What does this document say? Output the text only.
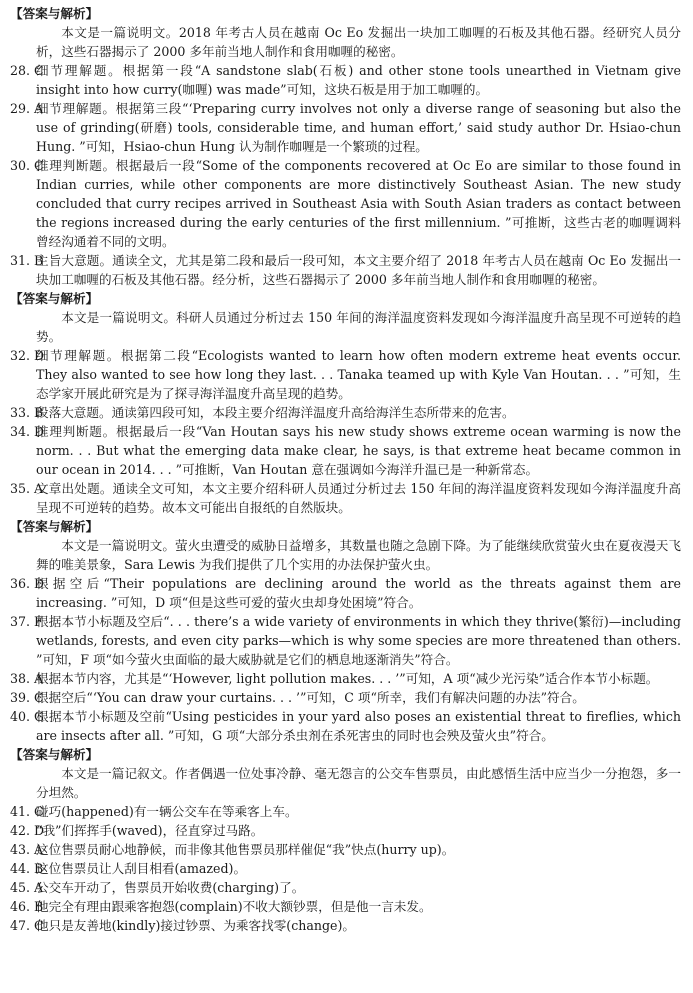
【答案与解析】

本文是一篇说明文。2018 年考古人员在越南 Oc Eo 发掘出一块加工咖喱的石板及其他石器。经研究人员分析，这些石器揭示了 2000 多年前当地人制作和食用咖喱的秘密。

28. C

细节理解题。根据第一段“A sandstone slab(石板) and other stone tools unearthed in Vietnam give insight into how curry(咖喱) was made”可知，这块石板是用于加工咖喱的。

29. A

细节理解题。根据第三段“‘Preparing curry involves not only a diverse range of seasoning but also the use of grinding(研磨) tools, considerable time, and human effort,’ said study author Dr. Hsiao-chun Hung. ”可知，Hsiao-chun Hung 认为制作咖喱是一个繁琐的过程。

30. C

推理判断题。根据最后一段“Some of the components recovered at Oc Eo are similar to those found in Indian curries, while other components are more distinctively Southeast Asian. The new study concluded that curry recipes arrived in Southeast Asia with South Asian traders as contact between the regions increased during the early centuries of the first millennium. ”可推断，这些古老的咖喱调料曾经沟通着不同的文明。

31. B

主旨大意题。通读全文，尤其是第二段和最后一段可知，本文主要介绍了 2018 年考古人员在越南 Oc Eo 发掘出一块加工咖喱的石板及其他石器。经分析，这些石器揭示了 2000 多年前当地人制作和食用咖喱的秘密。

【答案与解析】

本文是一篇说明文。科研人员通过分析过去 150 年间的海洋温度资料发现如今海洋温度升高呈现不可逆转的趋势。

32. D

细节理解题。根据第二段“Ecologists wanted to learn how often modern extreme heat events occur. They also wanted to see how long they last. . . Tanaka teamed up with Kyle Van Houtan. . . ”可知，生态学家开展此研究是为了探寻海洋温度升高呈现的趋势。

33. B

段落大意题。通读第四段可知，本段主要介绍海洋温度升高给海洋生态所带来的危害。

34. D

推理判断题。根据最后一段“Van Houtan says his new study shows extreme ocean warming is now the norm. . . But what the emerging data make clear, he says, is that extreme heat became common in our ocean in 2014. . . ”可推断，Van Houtan 意在强调如今海洋升温已是一种新常态。

35. A

文章出处题。通读全文可知，本文主要介绍科研人员通过分析过去 150 年间的海洋温度资料发现如今海洋温度升高呈现不可逆转的趋势。故本文可能出自报纸的自然版块。

【答案与解析】

本文是一篇说明文。萤火虫遭受的威胁日益增多，其数量也随之急剧下降。为了能继续欣赏萤火虫在夏夜漫天飞舞的唯美景象，Sara Lewis 为我们提供了几个实用的办法保护萤火虫。

36. D

根据空后“Their populations are declining around the world as the threats against them are increasing. ”可知，D 项“但是这些可爱的萤火虫却身处困境”符合。

37. F

根据本节小标题及空后“. . . there’s a wide variety of environments in which they thrive(繁衍)—including wetlands, forests, and even city parks—which is why some species are more threatened than others. ”可知，F 项“如今萤火虫面临的最大威胁就是它们的栖息地逐渐消失”符合。

38. A

根据本节内容，尤其是“‘However, light pollution makes. . . ’”可知，A 项“减少光污染”适合作本节小标题。

39. C

根据空后“‘You can draw your curtains. . . ’”可知，C 项“所幸，我们有解决问题的办法”符合。

40. G

根据本节小标题及空前“Using pesticides in your yard also poses an existential threat to fireflies, which are insects after all. ”可知，G 项“大部分杀虫剂在杀死害虫的同时也会殃及萤火虫”符合。

【答案与解析】

本文是一篇记叙文。作者偶遇一位处事冷静、毫无怨言的公交车售票员，由此感悟生活中应当少一分抱怨，多一分坦然。

41. C

碰巧(happened)有一辆公交车在等乘客上车。

42. D

“我”们挥挥手(waved)，径直穿过马路。

43. A

这位售票员耐心地静候，而非像其他售票员那样催促“我”快点(hurry up)。

44. B

这位售票员让人刮目相看(amazed)。

45. A

公交车开动了，售票员开始收费(charging)了。

46. B

他完全有理由跟乘客抱怨(complain)不收大额钞票，但是他一言未发。

47. C

他只是友善地(kindly)接过钞票、为乘客找零(change)。
